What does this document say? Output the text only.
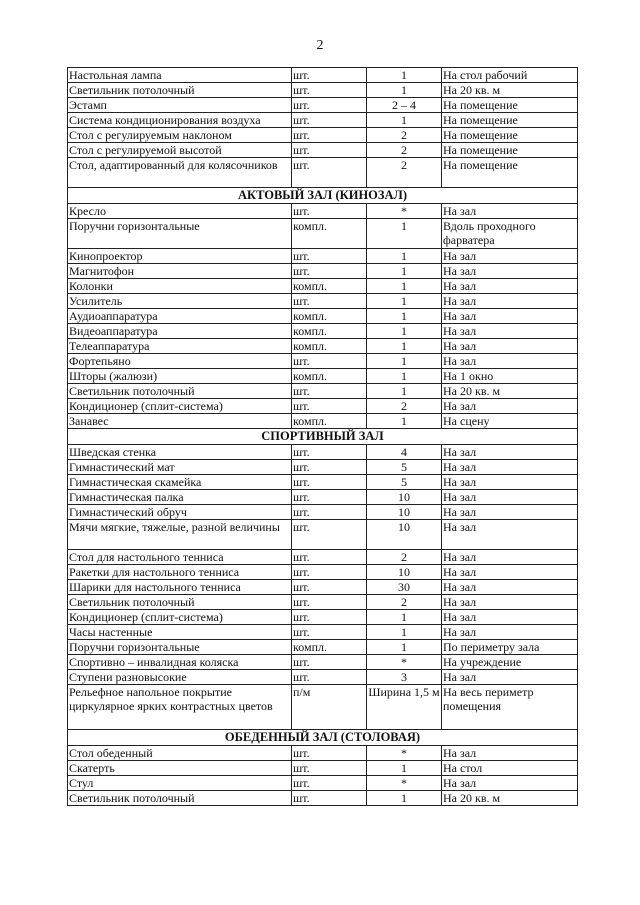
2
Настольная лампа	шт.	1	На стол рабочий
Светильник потолочный	шт.	1	На 20 кв. м
Эстамп	шт.	2 – 4	На помещение
Система кондиционирования воздуха	шт.	1	На помещение
Стол с регулируемым наклоном	шт.	2	На помещение
Стол с регулируемой высотой	шт.	2	На помещение
Стол, адаптированный для колясочников	шт.	2	На помещение
АКТОВЫЙ ЗАЛ (КИНОЗАЛ)			
Кресло	шт.	*	На зал
Поручни горизонтальные	компл.	1	Вдоль проходного фарватера
Кинопроектор	шт.	1	На зал
Магнитофон	шт.	1	На зал
Колонки	компл.	1	На зал
Усилитель	шт.	1	На зал
Аудиоаппаратура	компл.	1	На зал
Видеоаппаратура	компл.	1	На зал
Телеаппаратура	компл.	1	На зал
Фортепьяно	шт.	1	На зал
Шторы (жалюзи)	компл.	1	На 1 окно
Светильник потолочный	шт.	1	На 20 кв. м
Кондиционер (сплит-система)	шт.	2	На зал
Занавес	компл.	1	На сцену
СПОРТИВНЫЙ ЗАЛ			
Шведская стенка	шт.	4	На зал
Гимнастический мат	шт.	5	На зал
Гимнастическая скамейка	шт.	5	На зал
Гимнастическая палка	шт.	10	На зал
Гимнастический обруч	шт.	10	На зал
Мячи мягкие, тяжелые, разной величины	шт.	10	На зал
Стол для настольного тенниса	шт.	2	На зал
Ракетки для настольного тенниса	шт.	10	На зал
Шарики для настольного тенниса	шт.	30	На зал
Светильник потолочный	шт.	2	На зал
Кондиционер (сплит-система)	шт.	1	На зал
Часы настенные	шт.	1	На зал
Поручни горизонтальные	компл.	1	По периметру зала
Спортивно – инвалидная коляска	шт.	*	На учреждение
Ступени разновысокие	шт.	3	На зал
Рельефное напольное покрытие циркулярное ярких контрастных цветов	п/м	Ширина 1,5 м	На весь периметр помещения
ОБЕДЕННЫЙ ЗАЛ (СТОЛОВАЯ)			
Стол обеденный	шт.	*	На зал
Скатерть	шт.	1	На стол
Стул	шт.	*	На зал
Светильник потолочный	шт.	1	На 20 кв. м
